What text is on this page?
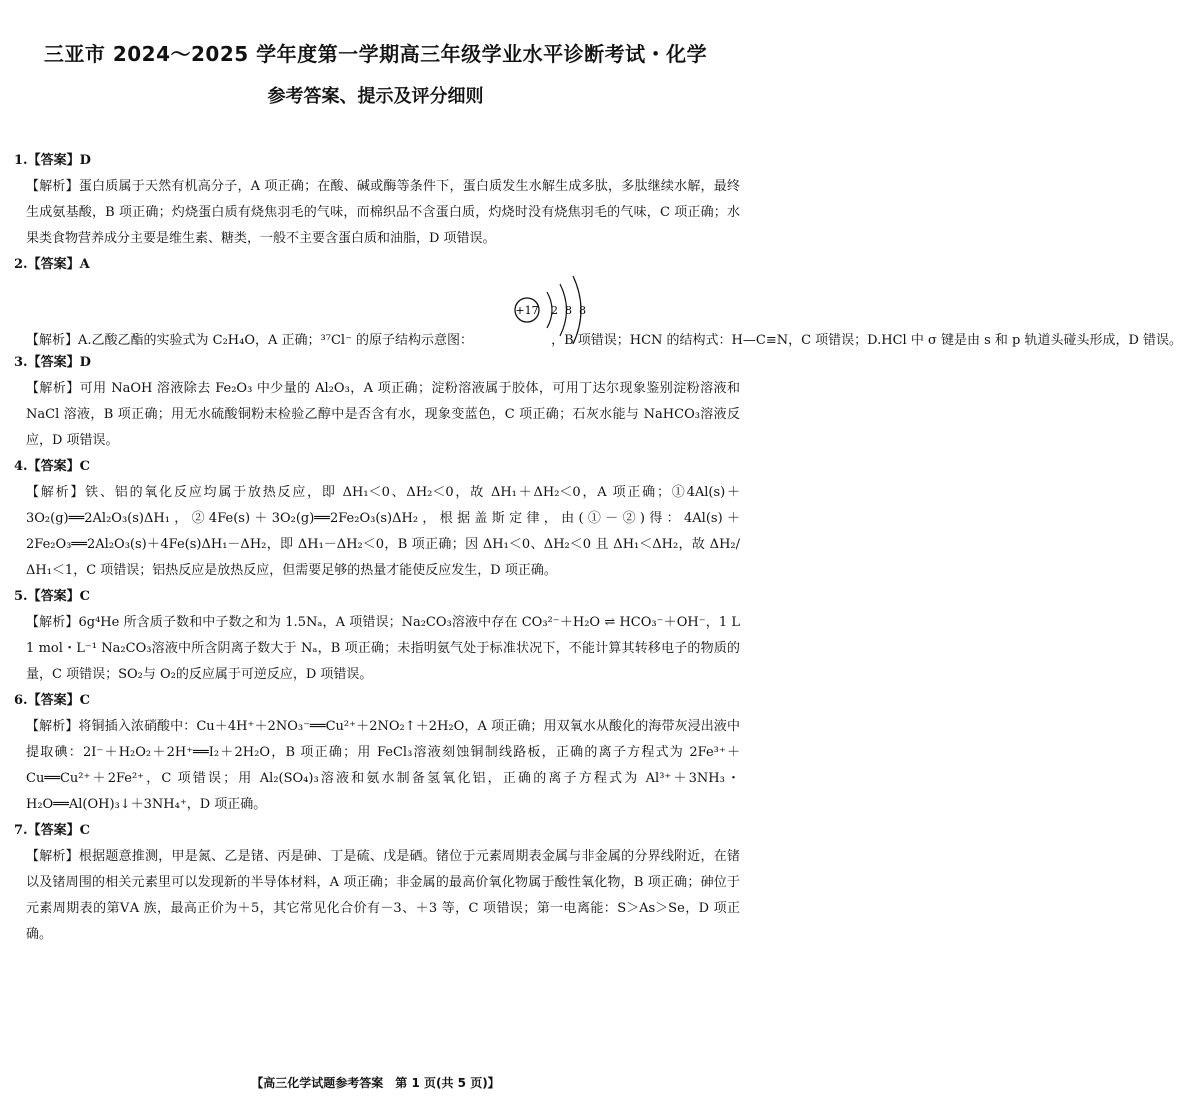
三亚市 2024～2025 学年度第一学期高三年级学业水平诊断考试・化学
参考答案、提示及评分细则
1.【答案】D
【解析】蛋白质属于天然有机高分子，A 项正确；在酸、碱或酶等条件下，蛋白质发生水解生成多肽，多肽继续水解，最终生成氨基酸，B 项正确；灼烧蛋白质有烧焦羽毛的气味，而棉织品不含蛋白质，灼烧时没有烧焦羽毛的气味，C 项正确；水果类食物营养成分主要是维生素、糖类，一般不主要含蛋白质和油脂，D 项错误。
2.【答案】A
+17 2 8 8
【解析】A.乙酸乙酯的实验式为 C₂H₄O，A 正确；³⁷Cl⁻ 的原子结构示意图：	，B 项错误；HCN 的结构式：H—C≡N，C 项错误；D.HCl 中 σ 键是由 s 和 p 轨道头碰头形成，D 错误。
3.【答案】D
【解析】可用 NaOH 溶液除去 Fe₂O₃ 中少量的 Al₂O₃，A 项正确；淀粉溶液属于胶体，可用丁达尔现象鉴别淀粉溶液和 NaCl 溶液，B 项正确；用无水硫酸铜粉末检验乙醇中是否含有水，现象变蓝色，C 项正确；石灰水能与 NaHCO₃溶液反应，D 项错误。
4.【答案】C
【解析】铁、铝的氧化反应均属于放热反应，即 ΔH₁＜0、ΔH₂＜0，故 ΔH₁＋ΔH₂＜0，A 项正确；①4Al(s)＋3O₂(g)══2Al₂O₃(s)ΔH₁，②4Fe(s)＋3O₂(g)══2Fe₂O₃(s)ΔH₂，根据盖斯定律，由(①－②)得：4Al(s)＋2Fe₂O₃══2Al₂O₃(s)＋4Fe(s)ΔH₁－ΔH₂，即 ΔH₁－ΔH₂＜0，B 项正确；因 ΔH₁＜0、ΔH₂＜0 且 ΔH₁＜ΔH₂，故 ΔH₂/ΔH₁＜1，C 项错误；铝热反应是放热反应，但需要足够的热量才能使反应发生，D 项正确。
5.【答案】C
【解析】6g⁴He 所含质子数和中子数之和为 1.5Nₐ，A 项错误；Na₂CO₃溶液中存在 CO₃²⁻＋H₂O ⇌ HCO₃⁻＋OH⁻，1 L 1 mol・L⁻¹ Na₂CO₃溶液中所含阴离子数大于 Nₐ，B 项正确；未指明氨气处于标准状况下，不能计算其转移电子的物质的量，C 项错误；SO₂与 O₂的反应属于可逆反应，D 项错误。
6.【答案】C
【解析】将铜插入浓硝酸中：Cu＋4H⁺＋2NO₃⁻══Cu²⁺＋2NO₂↑＋2H₂O，A 项正确；用双氧水从酸化的海带灰浸出液中提取碘：2I⁻＋H₂O₂＋2H⁺══I₂＋2H₂O，B 项正确；用 FeCl₃溶液刻蚀铜制线路板，正确的离子方程式为 2Fe³⁺＋Cu══Cu²⁺＋2Fe²⁺，C 项错误；用 Al₂(SO₄)₃溶液和氨水制备氢氧化铝，正确的离子方程式为 Al³⁺＋3NH₃・H₂O══Al(OH)₃↓＋3NH₄⁺，D 项正确。
7.【答案】C
【解析】根据题意推测，甲是氮、乙是锗、丙是砷、丁是硫、戊是硒。锗位于元素周期表金属与非金属的分界线附近，在锗以及锗周围的相关元素里可以发现新的半导体材料，A 项正确；非金属的最高价氧化物属于酸性氧化物，B 项正确；砷位于元素周期表的第ⅤA 族，最高正价为＋5，其它常见化合价有－3、＋3 等，C 项错误；第一电离能：S＞As＞Se，D 项正确。
【高三化学试题参考答案　第 1 页(共 5 页)】
